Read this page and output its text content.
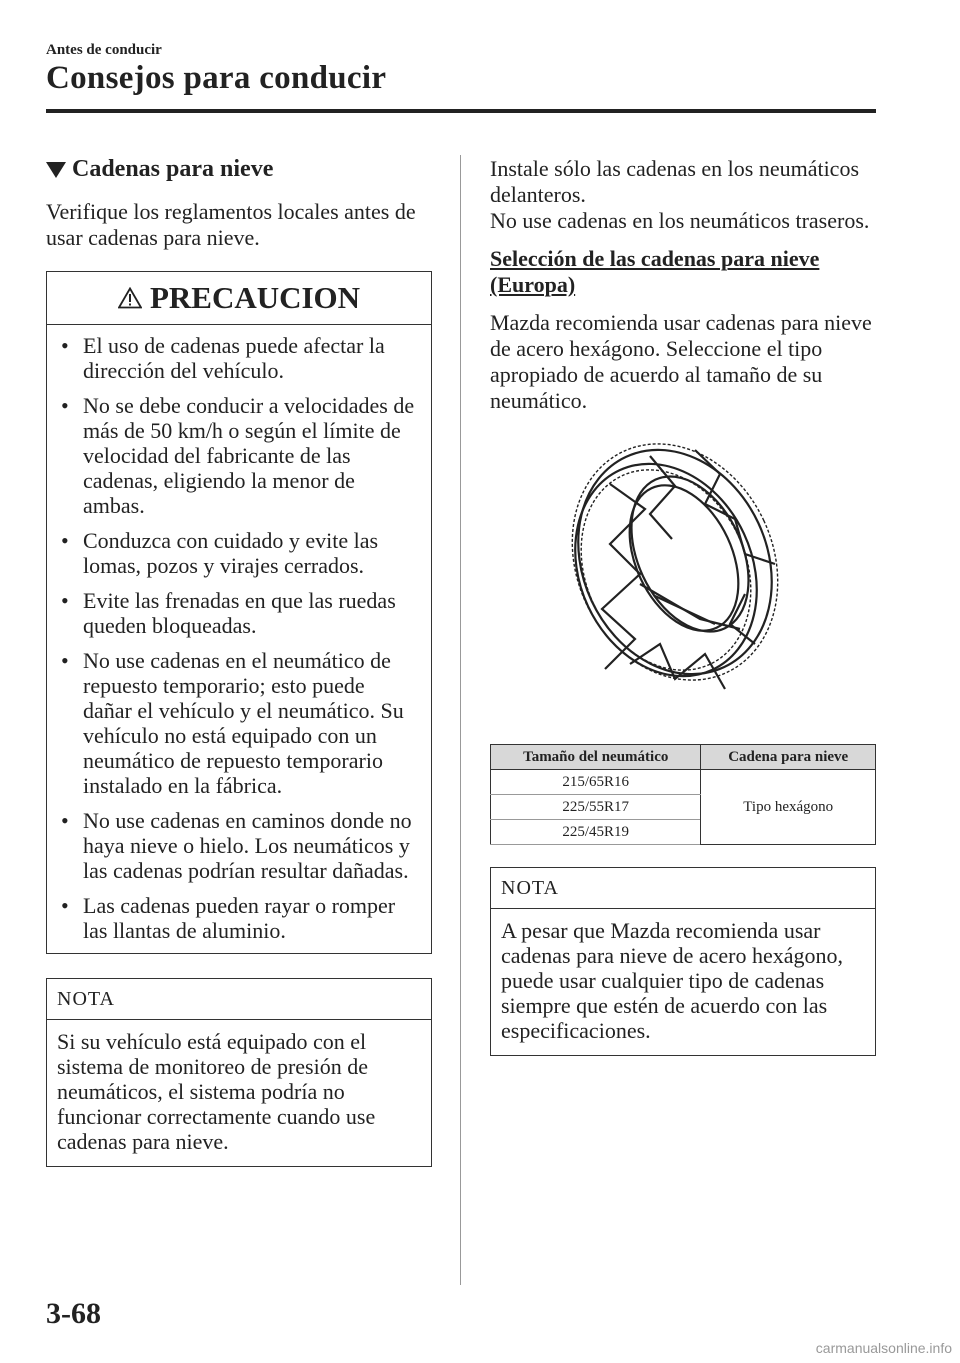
Antes de conducir
Consejos para conducir
Cadenas para nieve

Verifique los reglamentos locales antes de usar cadenas para nieve.

PRECAUCION
• El uso de cadenas puede afectar la dirección del vehículo.
• No se debe conducir a velocidades de más de 50 km/h o según el límite de velocidad del fabricante de las cadenas, eligiendo la menor de ambas.
• Conduzca con cuidado y evite las lomas, pozos y virajes cerrados.
• Evite las frenadas en que las ruedas queden bloqueadas.
• No use cadenas en el neumático de repuesto temporario; esto puede dañar el vehículo y el neumático. Su vehículo no está equipado con un neumático de repuesto temporario instalado en la fábrica.
• No use cadenas en caminos donde no haya nieve o hielo. Los neumáticos y las cadenas podrían resultar dañadas.
• Las cadenas pueden rayar o romper las llantas de aluminio.
NOTA
Si su vehículo está equipado con el sistema de monitoreo de presión de neumáticos, el sistema podría no funcionar correctamente cuando use cadenas para nieve.

Instale sólo las cadenas en los neumáticos delanteros.

No use cadenas en los neumáticos traseros.

Selección de las cadenas para nieve (Europa)

Mazda recomienda usar cadenas para nieve de acero hexágono. Seleccione el tipo apropiado de acuerdo al tamaño de su neumático.

Tamaño del neumático	Cadena para nieve
215/65R16	Tipo hexágono
225/55R17	
225/45R19	
NOTA
A pesar que Mazda recomienda usar cadenas para nieve de acero hexágono, puede usar cualquier tipo de cadenas siempre que estén de acuerdo con las especificaciones.
3-68
carmanualsonline.info
